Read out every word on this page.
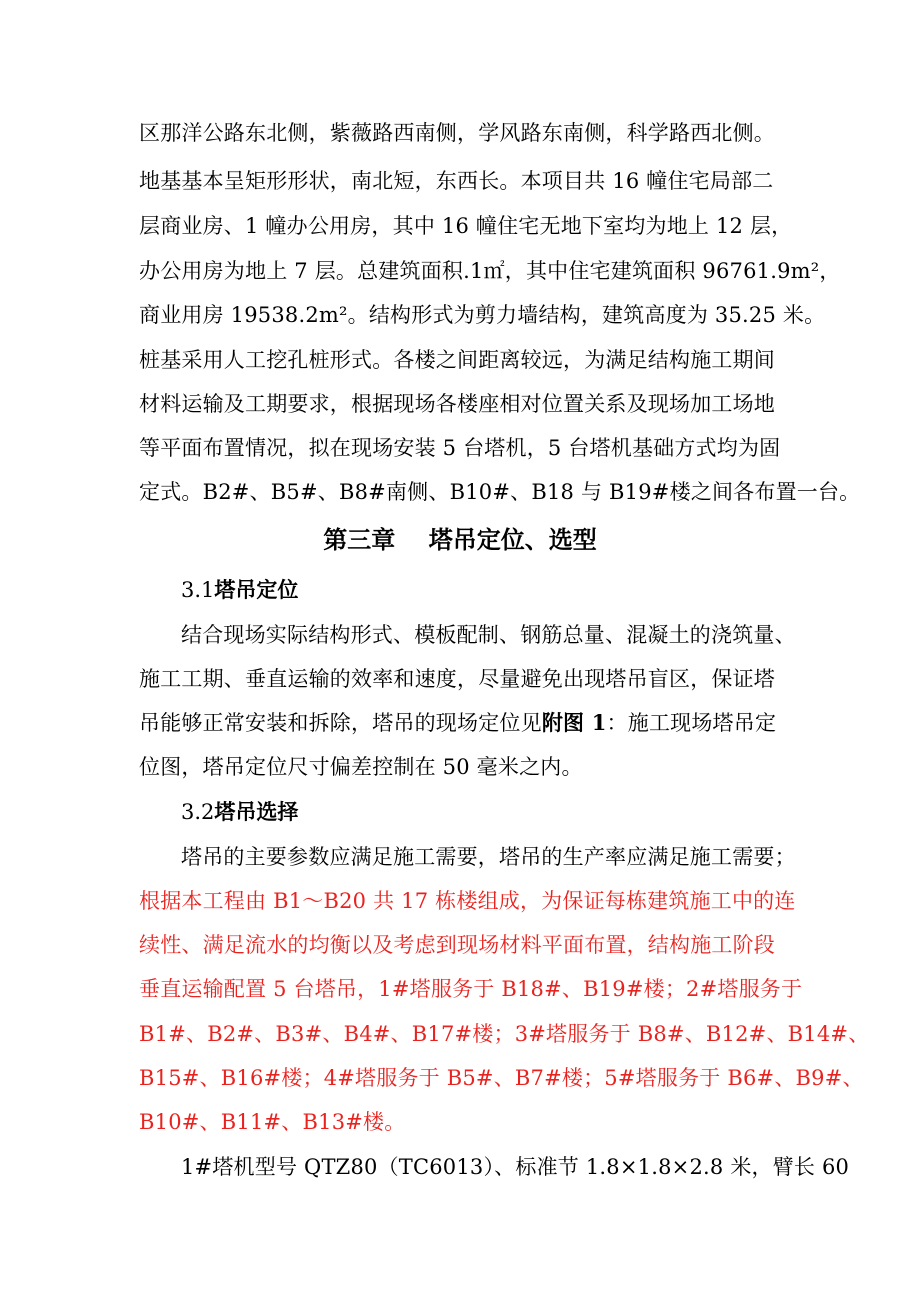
区那洋公路东北侧，紫薇路西南侧，学风路东南侧，科学路西北侧。
地基基本呈矩形形状，南北短，东西长。本项目共 16 幢住宅局部二
层商业房、1 幢办公用房，其中 16 幢住宅无地下室均为地上 12 层，
办公用房为地上 7 层。总建筑面积.1㎡，其中住宅建筑面积 96761.9m²，
商业用房 19538.2m²。结构形式为剪力墙结构，建筑高度为 35.25 米。
桩基采用人工挖孔桩形式。各楼之间距离较远，为满足结构施工期间
材料运输及工期要求，根据现场各楼座相对位置关系及现场加工场地
等平面布置情况，拟在现场安装 5 台塔机，5 台塔机基础方式均为固
定式。B2#、B5#、B8#南侧、B10#、B18 与 B19#楼之间各布置一台。
第三章    塔吊定位、选型
3.1塔吊定位
结合现场实际结构形式、模板配制、钢筋总量、混凝土的浇筑量、
施工工期、垂直运输的效率和速度，尽量避免出现塔吊盲区，保证塔
吊能够正常安装和拆除，塔吊的现场定位见附图 1：施工现场塔吊定
位图，塔吊定位尺寸偏差控制在 50 毫米之内。
3.2塔吊选择
塔吊的主要参数应满足施工需要，塔吊的生产率应满足施工需要；
根据本工程由 B1～B20 共 17 栋楼组成，为保证每栋建筑施工中的连
续性、满足流水的均衡以及考虑到现场材料平面布置，结构施工阶段
垂直运输配置 5 台塔吊，1#塔服务于 B18#、B19#楼；2#塔服务于
B1#、B2#、B3#、B4#、B17#楼；3#塔服务于 B8#、B12#、B14#、
B15#、B16#楼；4#塔服务于 B5#、B7#楼；5#塔服务于 B6#、B9#、
B10#、B11#、B13#楼。
1#塔机型号 QTZ80（TC6013）、标准节 1.8×1.8×2.8 米，臂长 60
